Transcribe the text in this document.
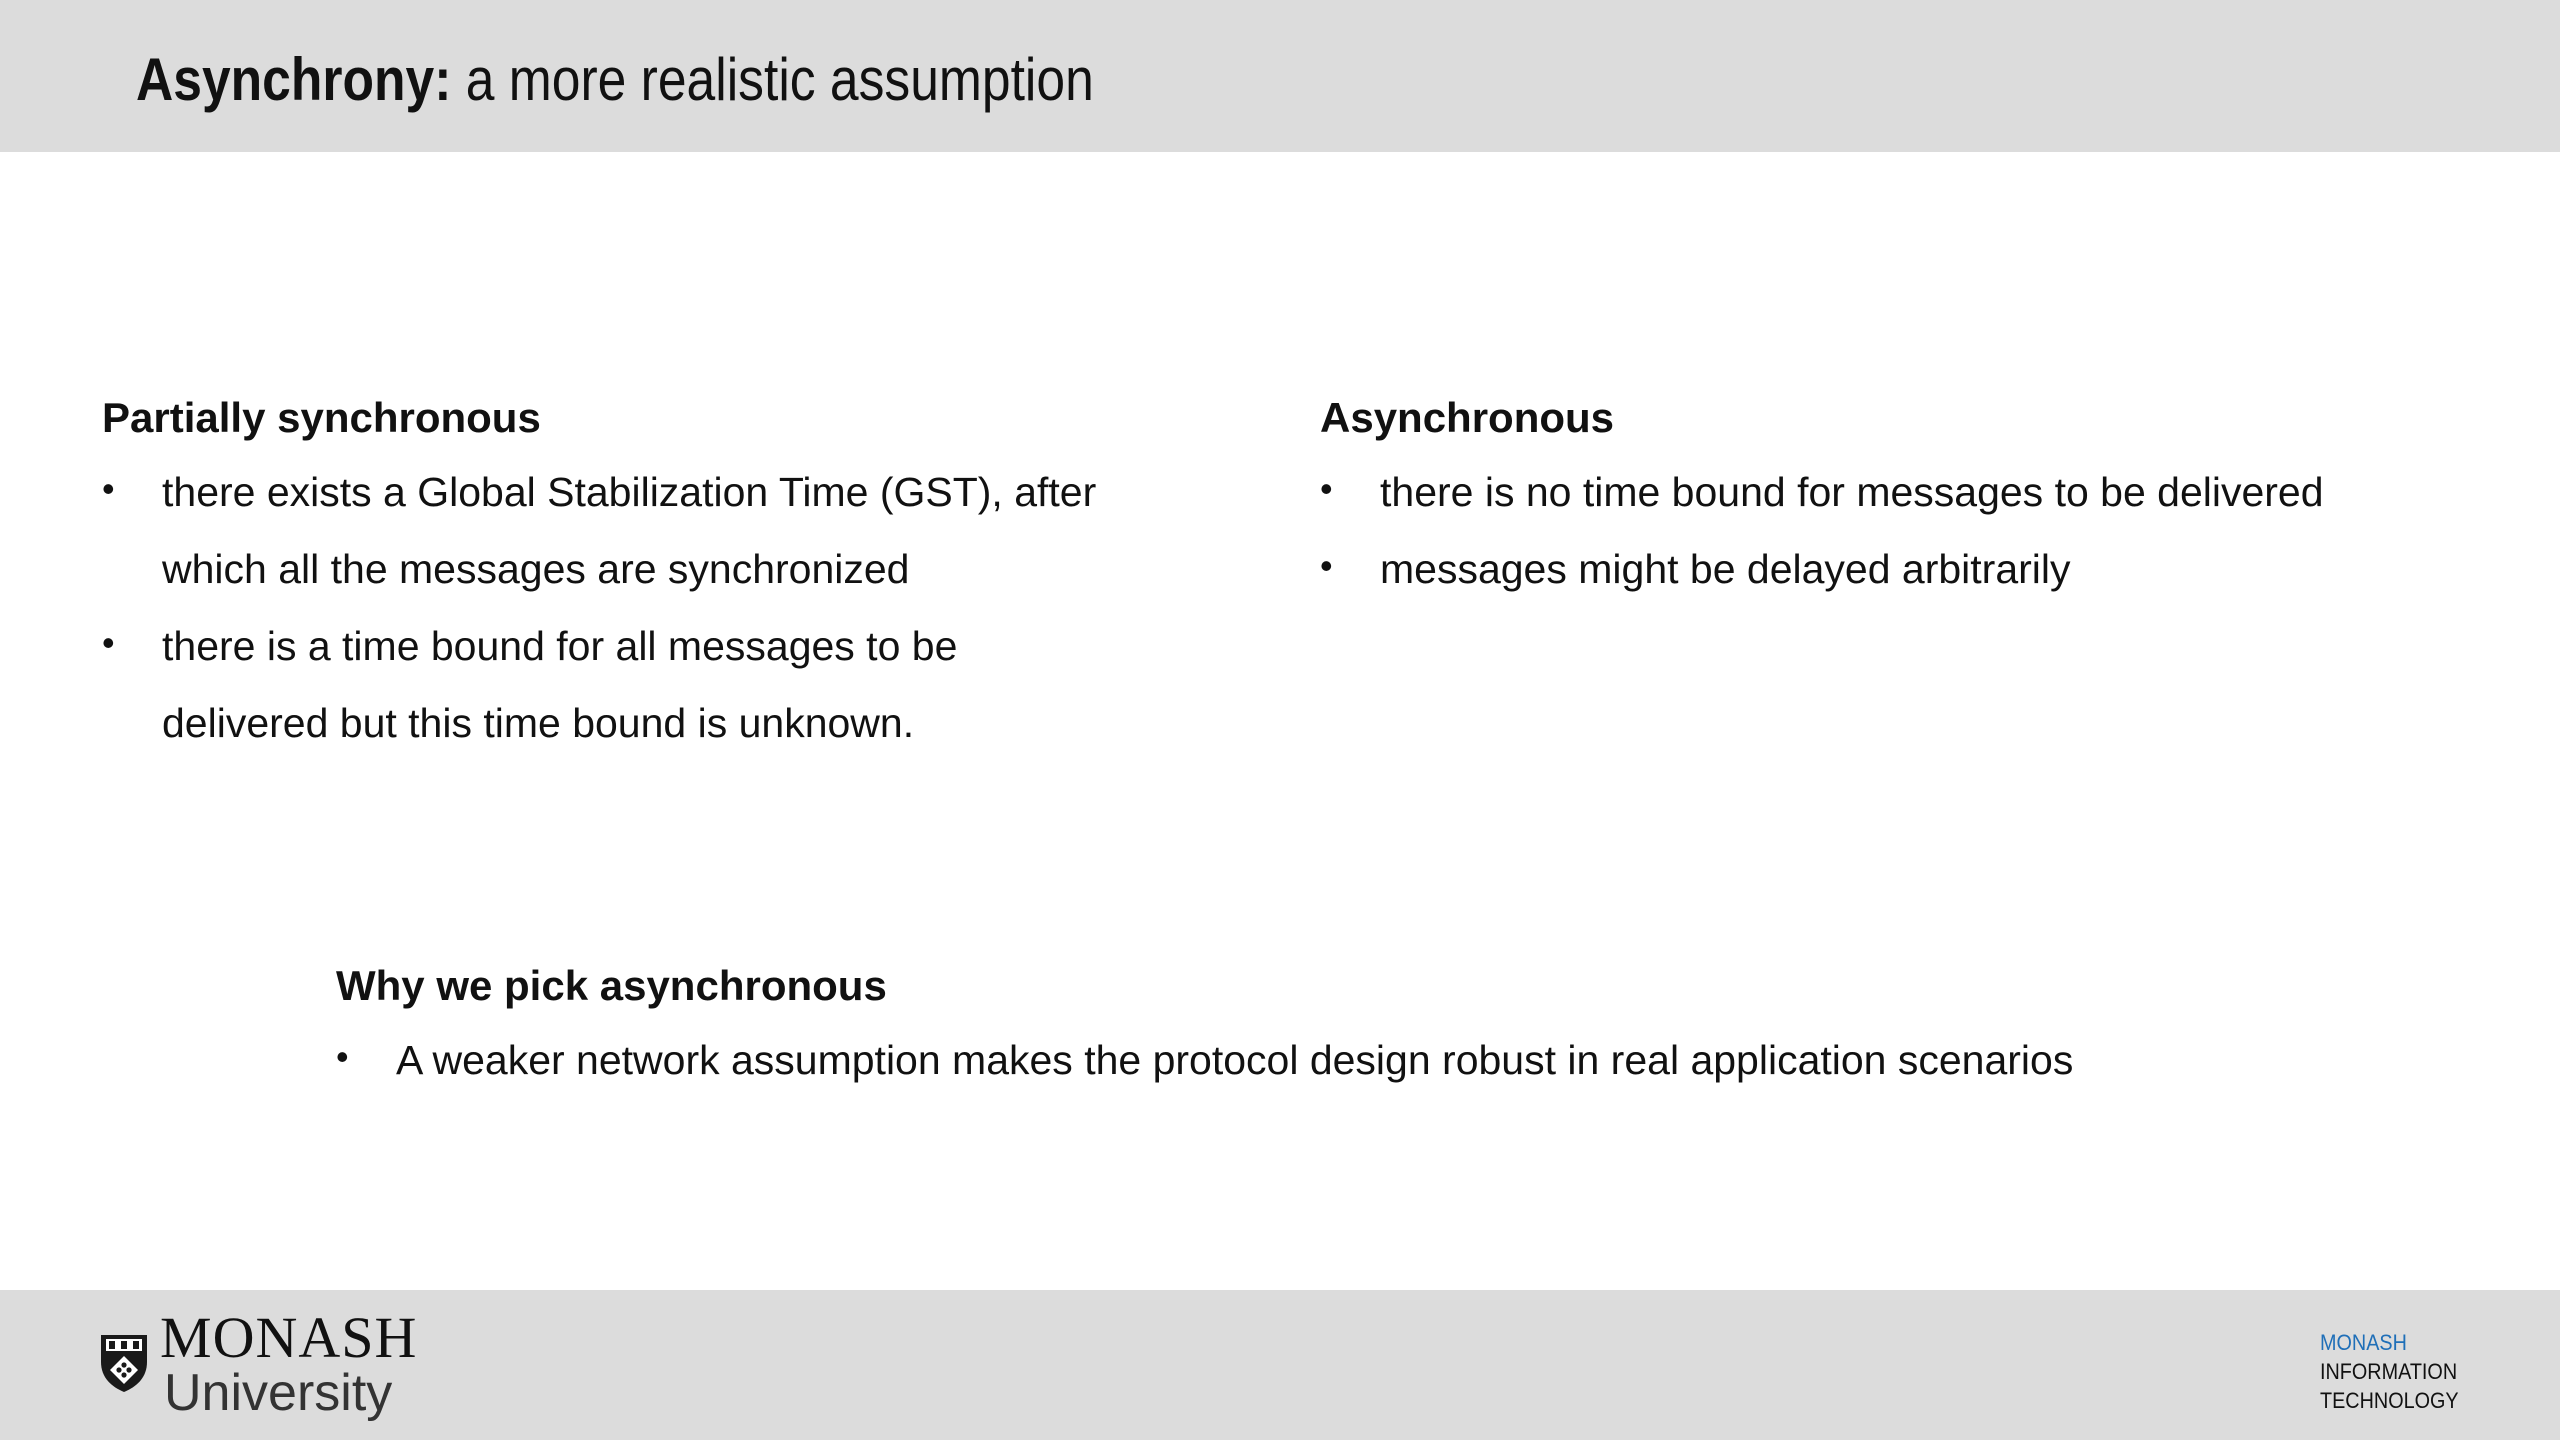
Asynchrony: a more realistic assumption
Partially synchronous
• there exists a Global Stabilization Time (GST), after which all the messages are synchronized
• there is a time bound for all messages to be delivered but this time bound is unknown.
Asynchronous
• there is no time bound for messages to be delivered
• messages might be delayed arbitrarily
Why we pick asynchronous
• A weaker network assumption makes the protocol design robust in real application scenarios
MONASH
University
MONASH
INFORMATION
TECHNOLOGY
